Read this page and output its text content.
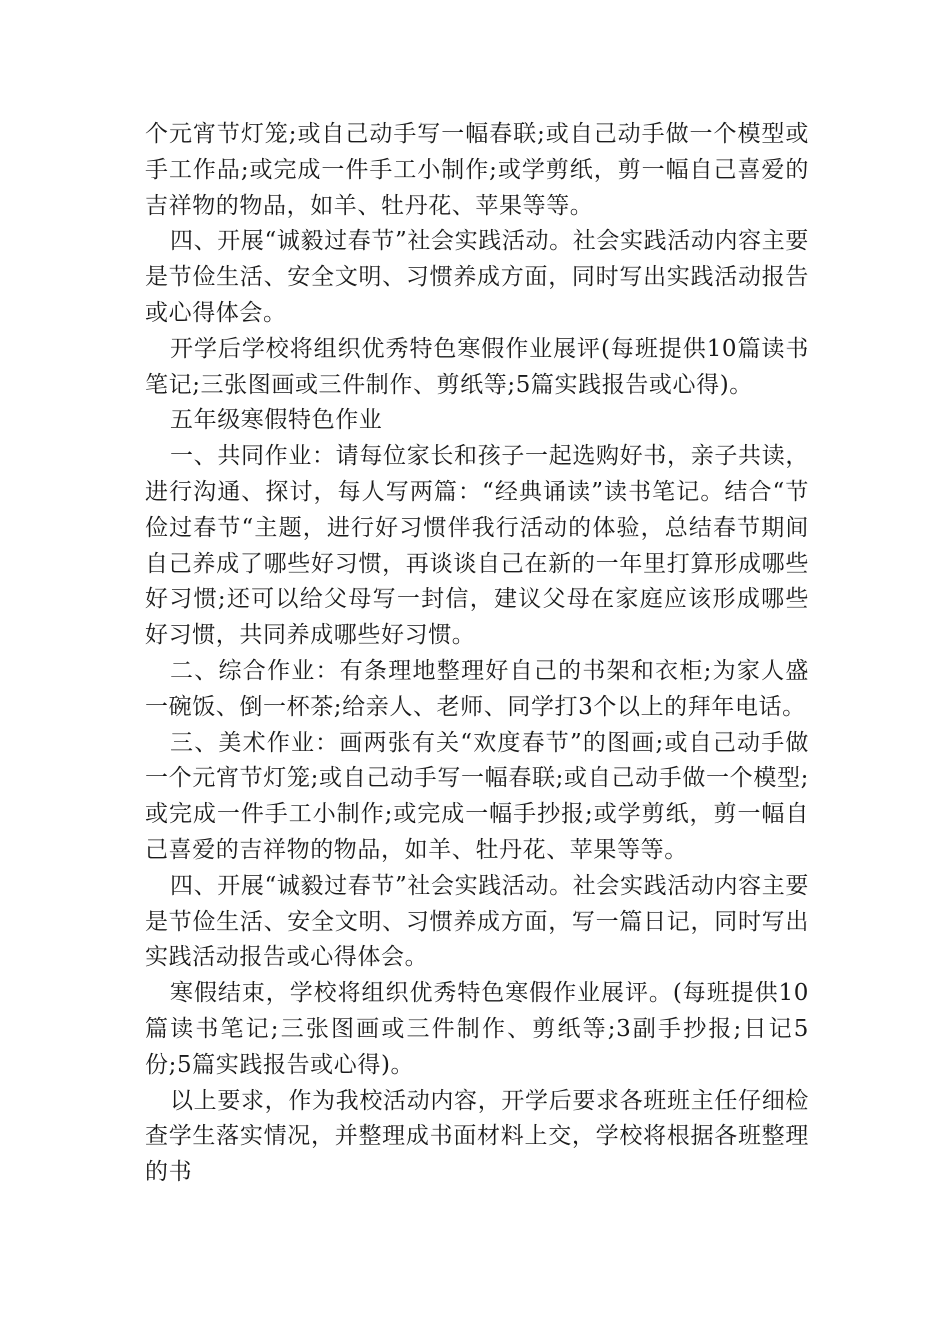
个元宵节灯笼;或自己动手写一幅春联;或自己动手做一个模型或手工作品;或完成一件手工小制作;或学剪纸，剪一幅自己喜爱的吉祥物的物品，如羊、牡丹花、苹果等等。

四、开展“诚毅过春节”社会实践活动。社会实践活动内容主要是节俭生活、安全文明、习惯养成方面，同时写出实践活动报告或心得体会。

开学后学校将组织优秀特色寒假作业展评(每班提供10篇读书笔记;三张图画或三件制作、剪纸等;5篇实践报告或心得)。

五年级寒假特色作业

一、共同作业：请每位家长和孩子一起选购好书，亲子共读，进行沟通、探讨，每人写两篇：“经典诵读”读书笔记。结合“节俭过春节“主题，进行好习惯伴我行活动的体验，总结春节期间自己养成了哪些好习惯，再谈谈自己在新的一年里打算形成哪些好习惯;还可以给父母写一封信，建议父母在家庭应该形成哪些好习惯，共同养成哪些好习惯。

二、综合作业：有条理地整理好自己的书架和衣柜;为家人盛一碗饭、倒一杯茶;给亲人、老师、同学打3个以上的拜年电话。

三、美术作业：画两张有关“欢度春节”的图画;或自己动手做一个元宵节灯笼;或自己动手写一幅春联;或自己动手做一个模型;或完成一件手工小制作;或完成一幅手抄报;或学剪纸，剪一幅自己喜爱的吉祥物的物品，如羊、牡丹花、苹果等等。

四、开展“诚毅过春节”社会实践活动。社会实践活动内容主要是节俭生活、安全文明、习惯养成方面，写一篇日记，同时写出实践活动报告或心得体会。

寒假结束，学校将组织优秀特色寒假作业展评。(每班提供10篇读书笔记;三张图画或三件制作、剪纸等;3副手抄报;日记5份;5篇实践报告或心得)。

以上要求，作为我校活动内容，开学后要求各班班主任仔细检查学生落实情况，并整理成书面材料上交，学校将根据各班整理的书
